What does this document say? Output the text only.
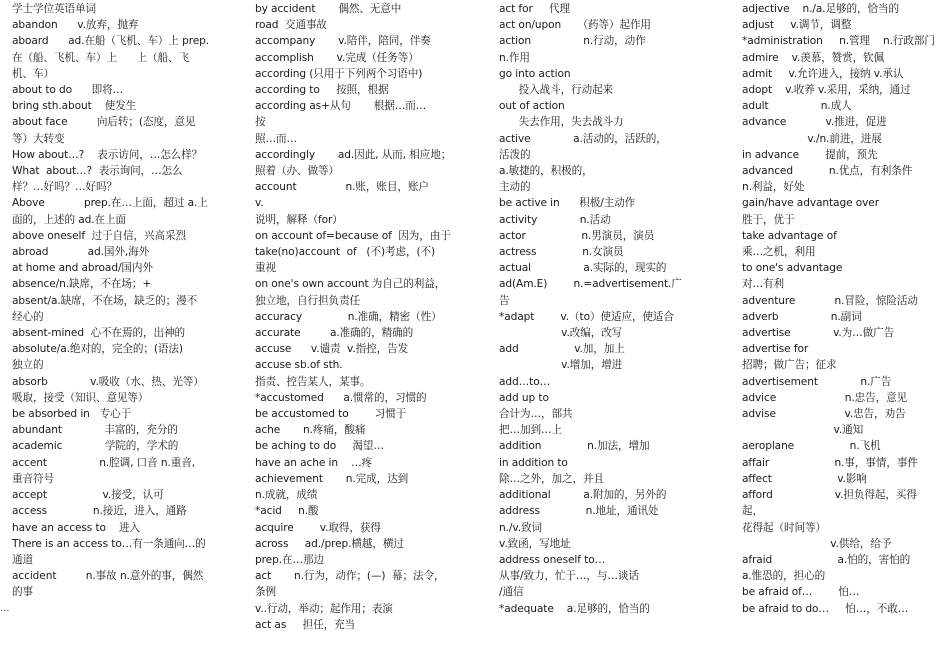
学士学位英语单词
abandon      v.放弃，抛弃
aboard      ad.在船（飞机、车）上 prep.
在（船、飞机、车）上      上（船、飞
机、车）
about to do      即将…
bring sth.about    使发生
about face         向后转；(态度，意见
等）大转变
How about…?    表示访问，…怎么样？
What  about…?  表示询问，…怎么
样？…好吗？…好吗？
Above            prep.在…上面，超过 a.上
面的，上述的 ad.在上面
above oneself  过于自信，兴高采烈
abroad            ad.国外,海外
at home and abroad/国内外
absence/n.缺席，不在场；+
absent/a.缺席，不在场，缺乏的；漫不
经心的
absent-mined  心不在焉的，出神的
absolute/a.绝对的，完全的；(语法)
独立的
absorb             v.吸收（水、热、光等）
吸取，接受（知识、意见等）
be absorbed in   专心于
abundant             丰富的，充分的
academic             学院的，学术的
accent                n.腔调, 口音 n.重音,
重音符号
accept                 v.接受，认可
access              n.接近，进入，通路
have an access to    进入
There is an access to…有一条通向…的
通道
accident         n.事故 n.意外的事，偶然
的事
by accident       偶然、无意中
road  交通事故
accompany       v.陪伴，陪同，伴奏
accomplish       v.完成（任务等）
according (只用于下列两个习语中)
according to     按照，根据
according as+从句       根据…而…       按
照…而…
accordingly       ad.因此, 从而, 相应地；
照着（办、做等）
account               n.账，账目，账户     v.
说明，解释（for）
on account of=because of  因为，由于
take(no)account  of   (不)考虑，(不)
重视
on one's own account 为自己的利益，
独立地，自行担负责任
accuracy              n.准确，精密（性）
accurate         a.准确的，精确的
accuse      v.谴责  v.指控，告发
accuse sb.of sth.
指责、控告某人，某事。
*accustomed      a.惯常的，习惯的
be accustomed to        习惯于
ache       n.疼痛，酸痛
be aching to do     渴望…
have an ache in    …疼
achievement       n.完成，达到
n.成就，成绩
*acid     n.酸
acquire        v.取得，获得
across     ad./prep.横越，横过
prep.在…那边
act       n.行为，动作；(—)  幕；法令，
条例
v..行动，举动；起作用；表演
act as     担任，充当
act for     代理
act on/upon     （药等）起作用
action                n.行动，动作
n.作用
go into action
投入战斗，行动起来
out of action
失去作用，失去战斗力
active             a.活动的，活跃的，
活泼的
a.敏捷的，积极的，
主动的
be active in      积极/主动作
activity             n.活动
actor                 n.男演员，演员
actress              n.女演员
actual                a.实际的，现实的
ad(Am.E)        n.=advertisement.广告
*adapt        v.（to）使适应，使适合
v.改编，改写
add                 v.加，加上
v.增加，增进
add…to…
add up to
合计为…，部共
把…加到…上
addition              n.加法，增加
in addition to
除…之外，加之，并且
additional          a.附加的，另外的
address              n.地址，通讯处
n./v.致词
v.致函，写地址
address oneself to…
从事/致力，忙于…，与…谈话
/通信
*adequate    a.足够的，恰当的
adjective    n./a.足够的，恰当的
adjust     v.调节，调整
*administration     n.管理    n.行政部门
admire    v.羡慕，赞赏，钦佩
admit     v.允许进入，接纳 v.承认
adopt    v.收养 v.采用，采纳，通过
adult                n.成人
advance            v.推进，促进
v./n.前进，进展
in advance        提前，预先
advanced           n.优点，有利条件
n.利益，好处
gain/have advantage over
胜于，优于
take advantage of
乘…之机，利用
to one's advantage
对…有利
adventure            n.冒险，惊险活动
adverb                n.副词
advertise             v.为…做广告
advertise for
招聘；做广告；征求
advertisement             n.广告
advice                     n.忠告，意见
advise                     v.忠告，劝告
v.通知
aeroplane                 n.飞机
affair                    n.事，事情，事件
affect                    v.影响
afford                   v.担负得起，买得起，
花得起（时间等）
v.供给，给予
afraid                    a.怕的，害怕的
a.惟恐的，担心的
be afraid of…        怕…
be afraid to do…     怕…，不敢…
...
